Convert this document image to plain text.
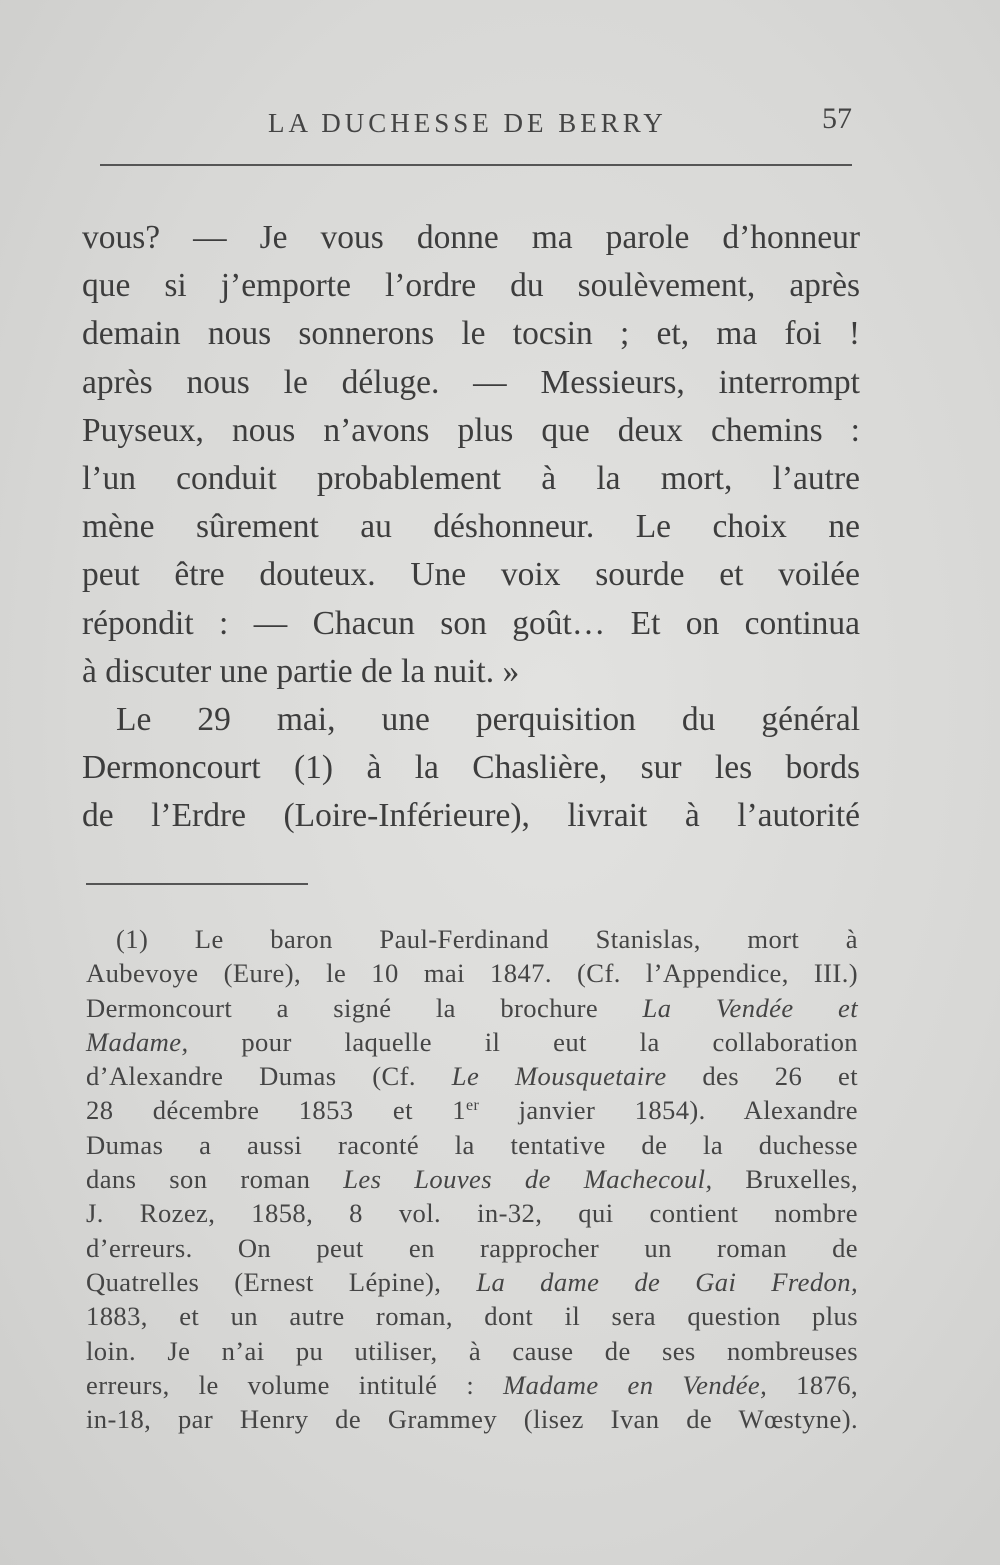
LA DUCHESSE DE BERRY	57
vous? — Je vous donne ma parole d’honneur
que si j’emporte l’ordre du soulèvement, après
demain nous sonnerons le tocsin ; et, ma foi !
après nous le déluge. — Messieurs, interrompt
Puyseux, nous n’avons plus que deux chemins :
l’un conduit probablement à la mort, l’autre
mène sûrement au déshonneur. Le choix ne
peut être douteux. Une voix sourde et voilée
répondit : — Chacun son goût… Et on continua
à discuter une partie de la nuit. »
Le 29 mai, une perquisition du général
Dermoncourt (1) à la Chaslière, sur les bords
de l’Erdre (Loire-Inférieure), livrait à l’autorité
(1) Le baron Paul-Ferdinand Stanislas, mort à
Aubevoye (Eure), le 10 mai 1847. (Cf. l’Appendice, III.)
Dermoncourt a signé la brochure La Vendée et
Madame, pour laquelle il eut la collaboration
d’Alexandre Dumas (Cf. Le Mousquetaire des 26 et
28 décembre 1853 et 1er janvier 1854). Alexandre
Dumas a aussi raconté la tentative de la duchesse
dans son roman Les Louves de Machecoul, Bruxelles,
J. Rozez, 1858, 8 vol. in-32, qui contient nombre
d’erreurs. On peut en rapprocher un roman de
Quatrelles (Ernest Lépine), La dame de Gai Fredon,
1883, et un autre roman, dont il sera question plus
loin. Je n’ai pu utiliser, à cause de ses nombreuses
erreurs, le volume intitulé : Madame en Vendée, 1876,
in-18, par Henry de Grammey (lisez Ivan de Wœstyne).
